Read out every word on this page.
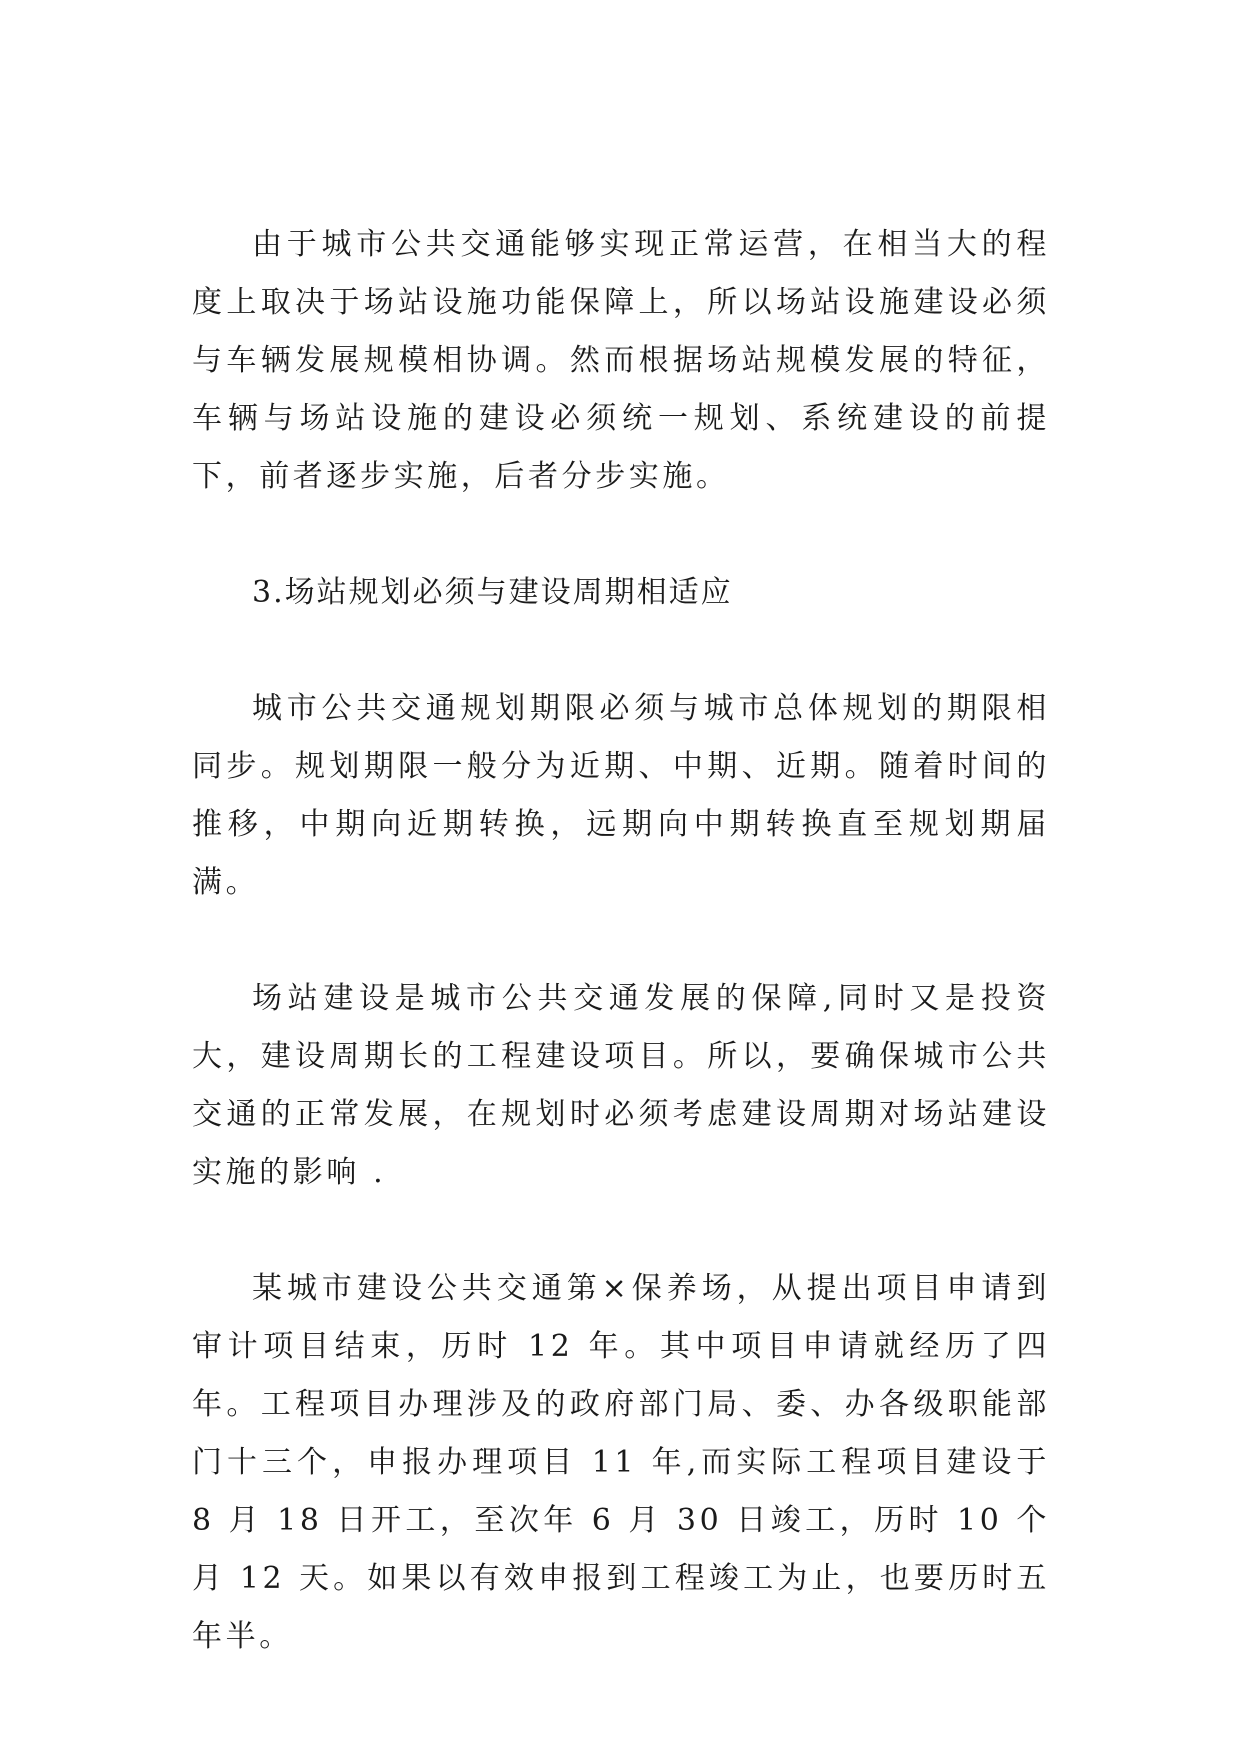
由于城市公共交通能够实现正常运营，在相当大的程度上取决于场站设施功能保障上，所以场站设施建设必须与车辆发展规模相协调。然而根据场站规模发展的特征，车辆与场站设施的建设必须统一规划、系统建设的前提下，前者逐步实施，后者分步实施。

3.场站规划必须与建设周期相适应

城市公共交通规划期限必须与城市总体规划的期限相同步。规划期限一般分为近期、中期、近期。随着时间的推移，中期向近期转换，远期向中期转换直至规划期届满。

场站建设是城市公共交通发展的保障,同时又是投资大，建设周期长的工程建设项目。所以，要确保城市公共交通的正常发展，在规划时必须考虑建设周期对场站建设实施的影响 .

某城市建设公共交通第×保养场，从提出项目申请到审计项目结束，历时 12 年。其中项目申请就经历了四年。工程项目办理涉及的政府部门局、委、办各级职能部门十三个，申报办理项目 11 年,而实际工程项目建设于 8 月 18 日开工，至次年 6 月 30 日竣工，历时 10 个月 12 天。如果以有效申报到工程竣工为止，也要历时五年半。
